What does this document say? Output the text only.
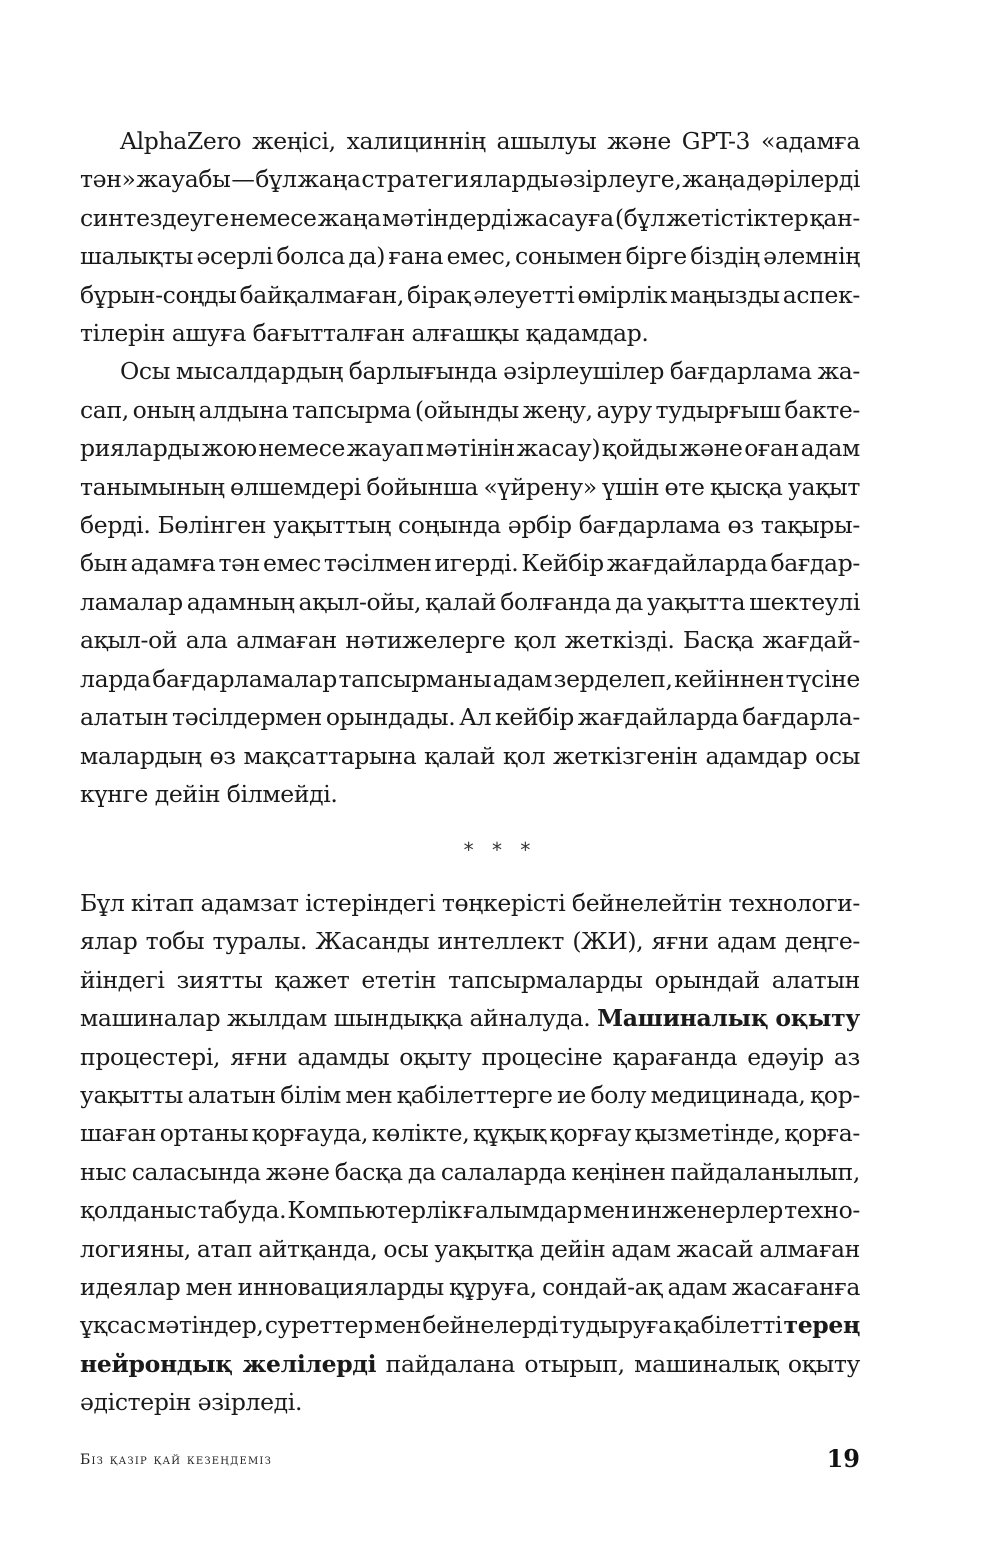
AlphaZero жеңісі, халициннің ашылуы және GPT-3 «адамға
тән» жауабы — бұл жаңа стратегияларды әзірлеуге, жаңа дәрілерді
синтездеуге немесе жаңа мәтіндерді жасауға (бұл жетістіктер қан-
шалықты әсерлі болса да) ғана емес, сонымен бірге біздің әлемнің
бұрын-соңды байқалмаған, бірақ әлеуетті өмірлік маңызды аспек-
тілерін ашуға бағытталған алғашқы қадамдар.

Осы мысалдардың барлығында әзірлеушілер бағдарлама жа-
сап, оның алдына тапсырма (ойынды жеңу, ауру тудырғыш бакте-
рияларды жою немесе жауап мәтінін жасау) қойды және оған адам
танымының өлшемдері бойынша «үйрену» үшін өте қысқа уақыт
берді. Бөлінген уақыттың соңында әрбір бағдарлама өз тақыры-
бын адамға тән емес тәсілмен игерді. Кейбір жағдайларда бағдар-
ламалар адамның ақыл-ойы, қалай болғанда да уақытта шектеулі
ақыл-ой ала алмаған нәтижелерге қол жеткізді. Басқа жағдай-
ларда бағдарламалар тапсырманы адам зерделеп, кейіннен түсіне
алатын тәсілдермен орындады. Ал кейбір жағдайларда бағдарла-
малардың өз мақсаттарына қалай қол жеткізгенін адамдар осы
күнге дейін білмейді.

* * *

Бұл кітап адамзат істеріндегі төңкерісті бейнелейтін технологи-
ялар тобы туралы. Жасанды интеллект (ЖИ), яғни адам деңге-
йіндегі зиятты қажет ететін тапсырмаларды орындай алатын
машиналар жылдам шындыққа айналуда. Машиналық оқыту
процестері, яғни адамды оқыту процесіне қарағанда едәуір аз
уақытты алатын білім мен қабілеттерге ие болу медицинада, қор-
шаған ортаны қорғауда, көлікте, құқық қорғау қызметінде, қорға-
ныс саласында және басқа да салаларда кеңінен пайдаланылып,
қолданыс табуда. Компьютерлік ғалымдар мен инженерлер техно-
логияны, атап айтқанда, осы уақытқа дейін адам жасай алмаған
идеялар мен инновацияларды құруға, сондай-ақ адам жасағанға
ұқсас мәтіндер, суреттер мен бейнелерді тудыруға қабілетті терең
нейрондық желілерді пайдалана отырып, машиналық оқыту
әдістерін әзірледі.

Біз қазір қай кезеңдеміз	19
